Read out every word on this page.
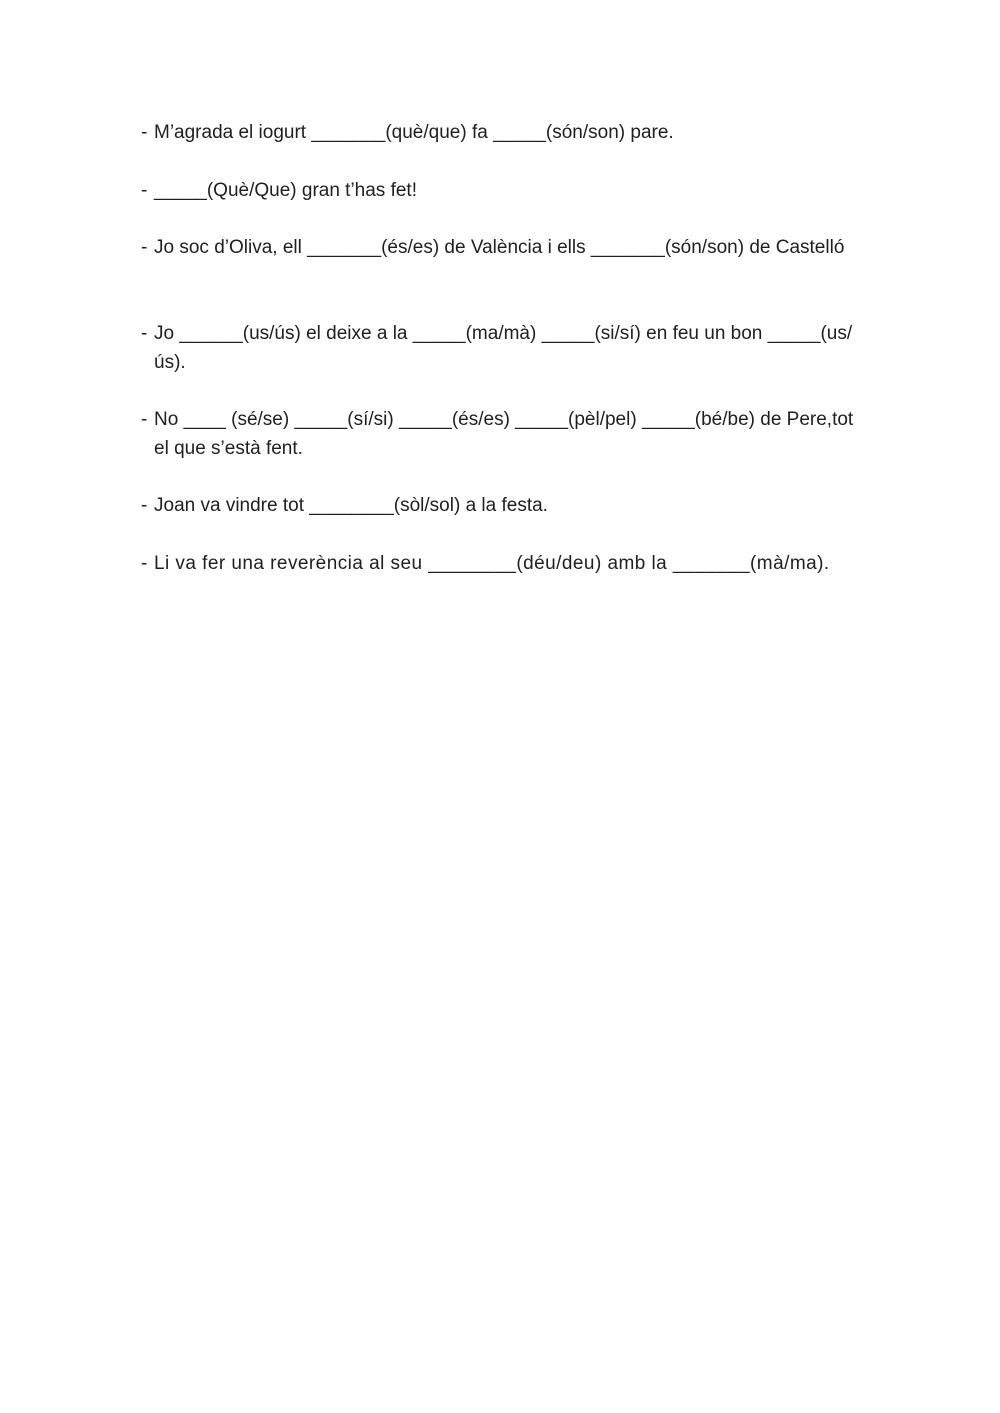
- M’agrada el iogurt _______(què/que) fa _____(són/son) pare.
- _____(Què/Que) gran t’has fet!
- Jo soc d’Oliva, ell _______(és/es) de València i ells _______(són/son) de Castelló
- Jo ______(us/ús) el deixe a la _____(ma/mà) _____(si/sí) en feu un bon _____(us/ús).
- No ____ (sé/se) _____(sí/si) _____(és/es) _____(pèl/pel) _____(bé/be) de Pere,tot el que s’està fent.
- Joan va vindre tot ________(sòl/sol) a la festa.
- Li va fer una reverència al seu ________(déu/deu) amb la _______(mà/ma).
